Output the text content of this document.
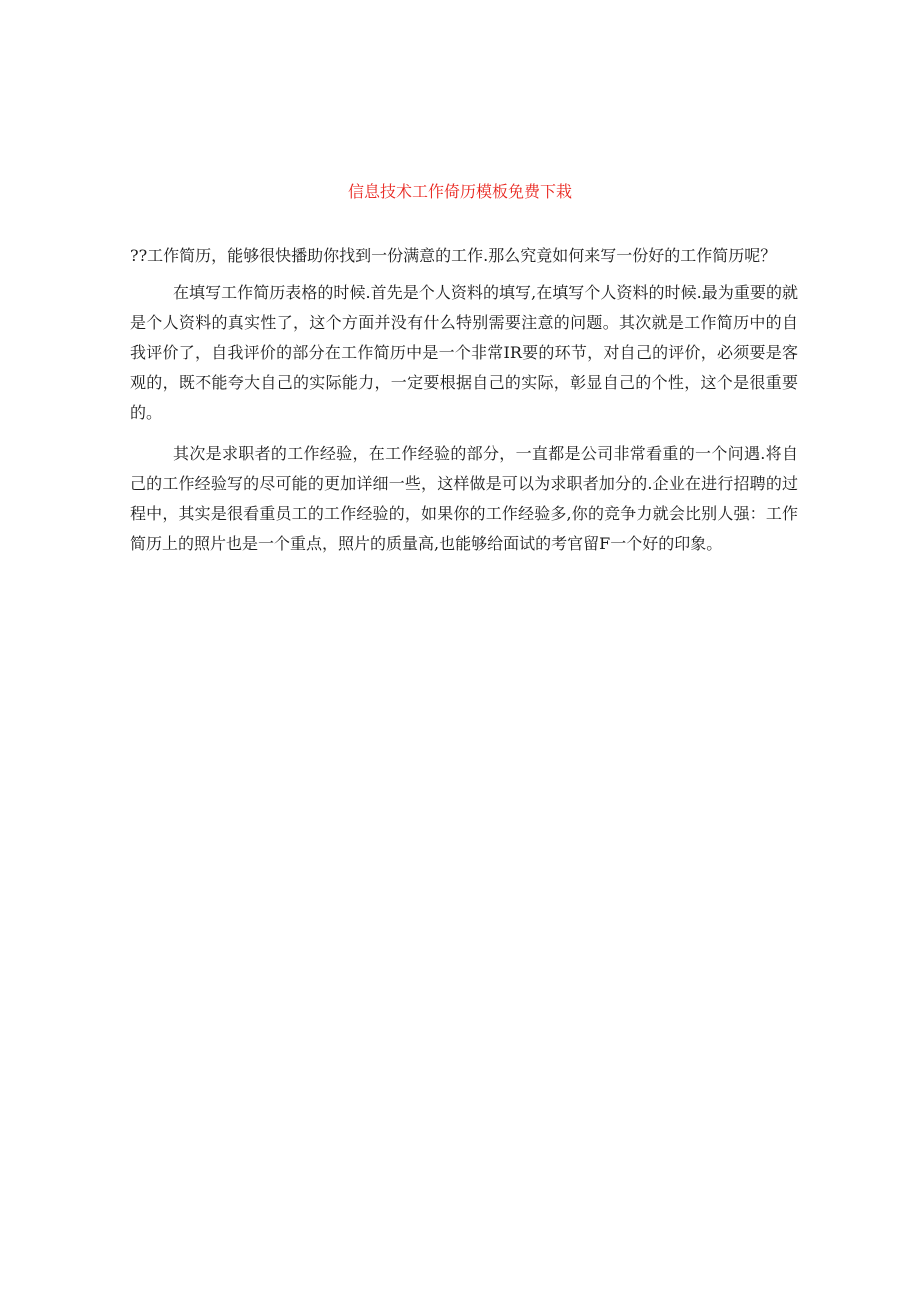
信息技术工作倚历模板免费下栽

??工作简历，能够很快播助你找到一份满意的工作.那么究竟如何来写一份好的工作简历呢？

在填写工作简历表格的时候.首先是个人资料的填写,在填写个人资料的时候.最为重要的就是个人资料的真实性了，这个方面并没有什么特别需要注意的问题。其次就是工作简历中的自我评价了，自我评价的部分在工作简历中是一个非常IR要的环节，对自己的评价，必须要是客观的，既不能夸大自己的实际能力，一定要根据自己的实际，彰显自己的个性，这个是很重要的。

其次是求职者的工作经验，在工作经验的部分，一直都是公司非常看重的一个问遇.将自己的工作经验写的尽可能的更加详细一些，这样做是可以为求职者加分的.企业在进行招聘的过程中，其实是很看重员工的工作经验的，如果你的工作经验多,你的竞争力就会比别人强：工作简历上的照片也是一个重点，照片的质量高,也能够给面试的考官留F一个好的印象。
